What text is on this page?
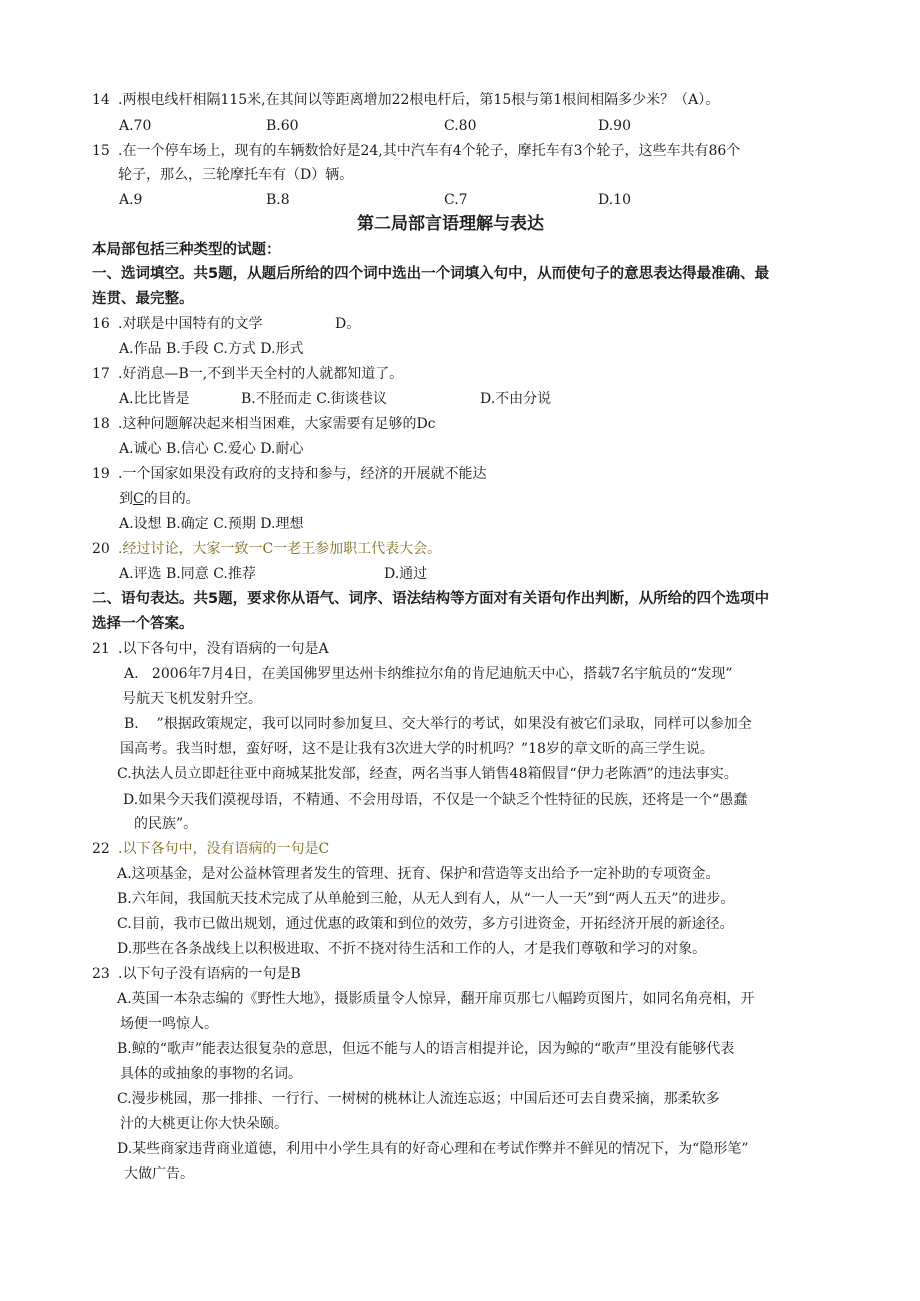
14 .两根电线杆相隔115米,在其间以等距离增加22根电杆后，第15根与第1根间相隔多少米？（A）。
A.70	B.60	C.80	D.90
15 .在一个停车场上，现有的车辆数恰好是24,其中汽车有4个轮子，摩托车有3个轮子，这些车共有86个
轮子，那么，三轮摩托车有（D）辆。
A.9	B.8	C.7	D.10
第二局部言语理解与表达
本局部包括三种类型的试题：
一、选词填空。共5题，从题后所给的四个词中选出一个词填入句中，从而使句子的意思表达得最准确、最
连贯、最完整。
16 .对联是中国特有的文学	D。
A.作品 B.手段 C.方式 D.形式
17 .好消息—B一,不到半天全村的人就都知道了。
A.比比皆是	B.不胫而走 C.街谈巷议	D.不由分说
18 .这种问题解决起来相当困难，大家需要有足够的Dc
A.诚心 B.信心 C.爱心 D.耐心
19 .一个国家如果没有政府的支持和参与，经济的开展就不能达
到C的目的。
A.设想 B.确定 C.预期 D.理想
20 .经过讨论，大家一致一C一老王参加职工代表大会。
A.评选 B.同意 C.推荐	D.通过
二、语句表达。共5题，要求你从语气、词序、语法结构等方面对有关语句作出判断，从所给的四个选项中
选择一个答案。
21 .以下各句中，没有语病的一句是A
A.   2006年7月4日，在美国佛罗里达州卡纳维拉尔角的肯尼迪航天中心，搭载7名宇航员的“发现”
号航天飞机发射升空。
B.    ”根据政策规定，我可以同时参加复旦、交大举行的考试，如果没有被它们录取，同样可以参加全
国高考。我当时想，蛮好呀，这不是让我有3次进大学的时机吗？”18岁的章文昕的高三学生说。
C.执法人员立即赶往亚中商城某批发部，经查，两名当事人销售48箱假冒“伊力老陈酒”的违法事实。
D.如果今天我们漠视母语，不精通、不会用母语，不仅是一个缺乏个性特征的民族，还将是一个“愚蠢
的民族”。
22 .以下各句中，没有语病的一句是C
A.这项基金，是对公益林管理者发生的管理、抚育、保护和营造等支出给予一定补助的专项资金。
B.六年间，我国航天技术完成了从单舱到三舱，从无人到有人，从“一人一天”到“两人五天”的进步。
C.目前，我市已做出规划，通过优惠的政策和到位的效劳，多方引进资金，开拓经济开展的新途径。
D.那些在各条战线上以积极进取、不折不挠对待生活和工作的人，才是我们尊敬和学习的对象。
23 .以下句子没有语病的一句是B
A.英国一本杂志编的《野性大地》，摄影质量令人惊异，翻开扉页那七八幅跨页图片，如同名角亮相，开
场便一鸣惊人。
B.鲸的“歌声”能表达很复杂的意思，但远不能与人的语言相提并论，因为鲸的“歌声”里没有能够代表
具体的或抽象的事物的名词。
C.漫步桃园，那一排排、一行行、一树树的桃林让人流连忘返；中国后还可去自费采摘，那柔软多
汁的大桃更让你大快朵颐。
D.某些商家违背商业道德，利用中小学生具有的好奇心理和在考试作弊并不鲜见的情况下，为“隐形笔”
大做广告。
